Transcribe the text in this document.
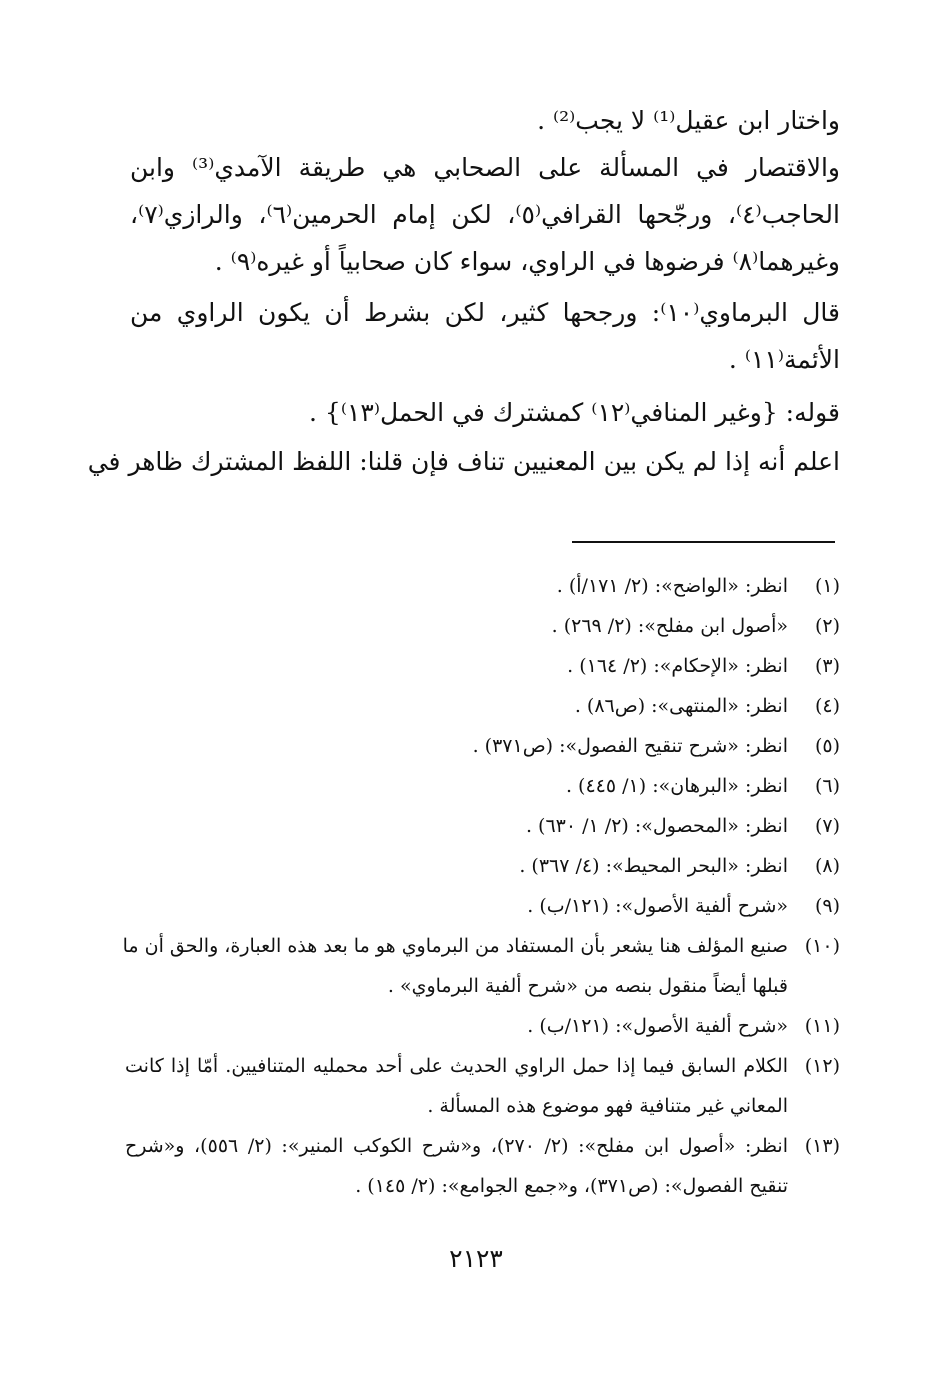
واختار ابن عقيل⁽¹⁾ لا يجب⁽²⁾ .
والاقتصار في المسألة على الصحابي هي طريقة الآمدي⁽³⁾ وابن
الحاجب⁽٤⁾، ورجّحها القرافي⁽٥⁾، لكن إمام الحرمين⁽٦⁾، والرازي⁽٧⁾،
وغيرهما⁽٨⁾ فرضوها في الراوي، سواء كان صحابياً أو غيره⁽٩⁾ .
قال البرماوي⁽١٠⁾: ورجحها كثير، لكن بشرط أن يكون الراوي من
الأئمة⁽١١⁾ .
قوله: {وغير المنافي⁽١٢⁾ كمشترك في الحمل⁽١٣⁾} .
اعلم أنه إذا لم يكن بين المعنيين تناف فإن قلنا: اللفظ المشترك ظاهر في
(١)
انظر: «الواضح»: (٢/ ١٧١/أ) .
(٢)
«أصول ابن مفلح»: (٢/ ٢٦٩) .
(٣)
انظر: «الإحكام»: (٢/ ١٦٤) .
(٤)
انظر: «المنتهى»: (ص٨٦) .
(٥)
انظر: «شرح تنقيح الفصول»: (ص٣٧١) .
(٦)
انظر: «البرهان»: (١/ ٤٤٥) .
(٧)
انظر: «المحصول»: (٢/ ١/ ٦٣٠) .
(٨)
انظر: «البحر المحيط»: (٤/ ٣٦٧) .
(٩)
«شرح ألفية الأصول»: (١٢١/ب) .
(١٠)
صنيع المؤلف هنا يشعر بأن المستفاد من البرماوي هو ما بعد هذه العبارة، والحق أن ما
قبلها أيضاً منقول بنصه من «شرح ألفية البرماوي» .
(١١)
«شرح ألفية الأصول»: (١٢١/ب) .
(١٢)
الكلام السابق فيما إذا حمل الراوي الحديث على أحد محمليه المتنافيين. أمّا إذا كانت
المعاني غير متنافية فهو موضوع هذه المسألة .
(١٣)
انظر: «أصول ابن مفلح»: (٢/ ٢٧٠)، و«شرح الكوكب المنير»: (٢/ ٥٥٦)، و«شرح
تنقيح الفصول»: (ص٣٧١)، و«جمع الجوامع»: (٢/ ١٤٥) .
٢١٢٣
